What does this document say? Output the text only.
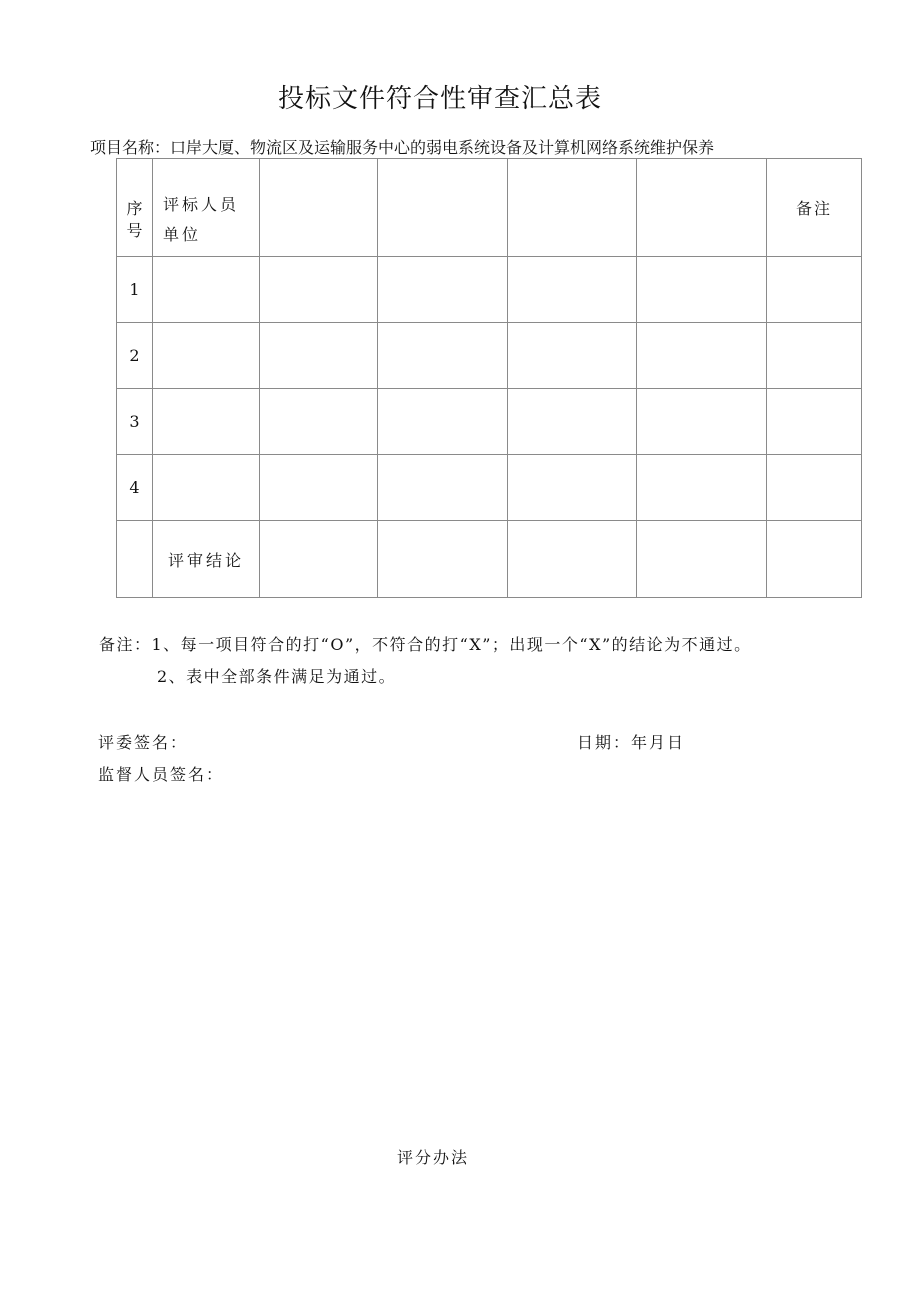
投标文件符合性审查汇总表
项目名称：口岸大厦、物流区及运输服务中心的弱电系统设备及计算机网络系统维护保养
序号	评标人员单位					备注
1						
2						
3						
4						
	评审结论					
备注：1、每一项目符合的打“O”，不符合的打“X”；出现一个“X”的结论为不通过。
2、表中全部条件满足为通过。
评委签名：	日期：年月日
监督人员签名：
评分办法
